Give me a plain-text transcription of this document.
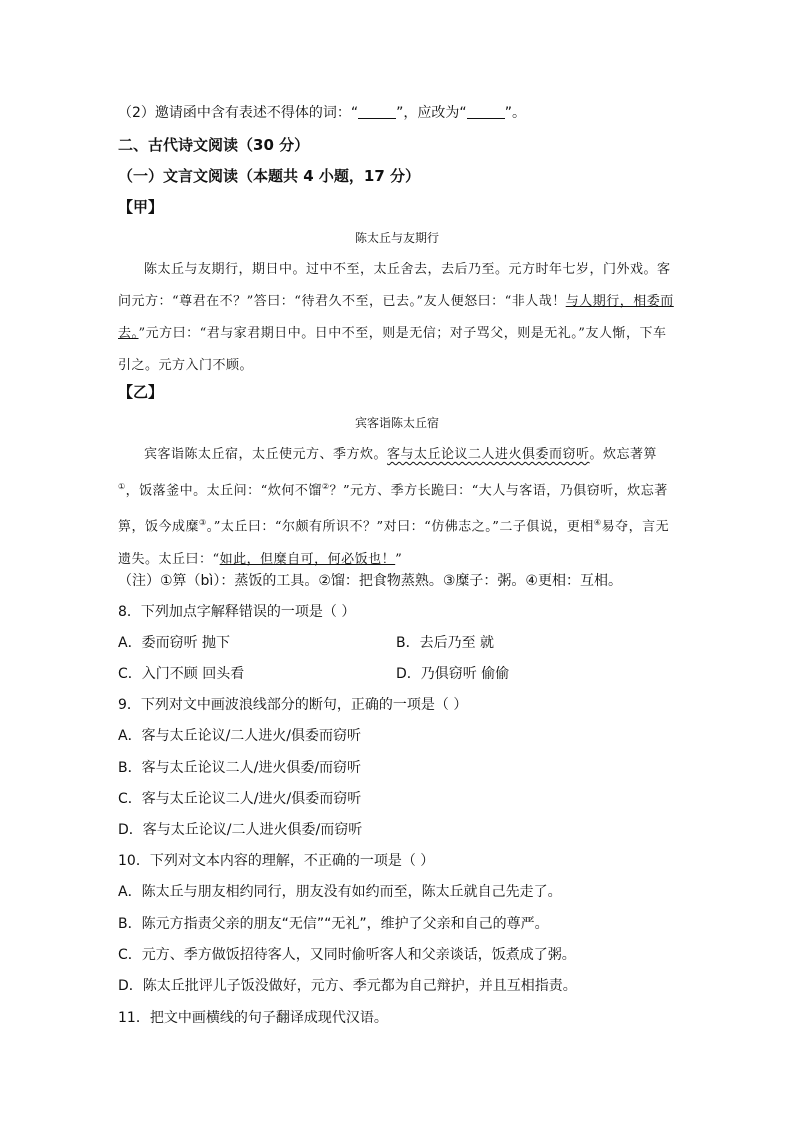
（2）邀请函中含有表述不得体的词：“	”，应改为“	”。
二、古代诗文阅读（30 分）
（一）文言文阅读（本题共 4 小题，17 分）
【甲】
陈太丘与友期行

陈太丘与友期行，期日中。过中不至，太丘舍去，去后乃至。元方时年七岁，门外戏。客问元方：“尊君在不？”答曰：“待君久不至，已去。”友人便怒曰：“非人哉！与人期行，相委而去。”元方曰：“君与家君期日中。日中不至，则是无信；对子骂父，则是无礼。”友人惭，下车引之。元方入门不顾。

【乙】
宾客诣陈太丘宿

宾客诣陈太丘宿，太丘使元方、季方炊。客与太丘论议二人进火俱委而窃听。炊忘著箅①，饭落釜中。太丘问：“炊何不馏②？”元方、季方长跪曰：“大人与客语，乃俱窃听，炊忘著箅，饭今成糜③。”太丘曰：“尔颇有所识不？”对曰：“仿佛志之。”二子俱说，更相④易夺，言无遗失。太丘曰：“如此，但糜自可，何必饭也！”

（注）①箅（bì）：蒸饭的工具。②馏：把食物蒸熟。③糜子：粥。④更相：互相。
8．下列加点字解释错误的一项是（ ）
A．委而窃听 抛下	B．去后乃至 就
C．入门不顾 回头看	D．乃俱窃听 偷偷
9．下列对文中画波浪线部分的断句，正确的一项是（ ）
A．客与太丘论议/二人进火/俱委而窃听
B．客与太丘论议二人/进火俱委/而窃听
C．客与太丘论议二人/进火/俱委而窃听
D．客与太丘论议/二人进火俱委/而窃听
10．下列对文本内容的理解，不正确的一项是（ ）
A．陈太丘与朋友相约同行，朋友没有如约而至，陈太丘就自己先走了。
B．陈元方指责父亲的朋友“无信”“无礼”，维护了父亲和自己的尊严。
C．元方、季方做饭招待客人，又同时偷听客人和父亲谈话，饭煮成了粥。
D．陈太丘批评儿子饭没做好，元方、季元都为自己辩护，并且互相指责。
11．把文中画横线的句子翻译成现代汉语。
